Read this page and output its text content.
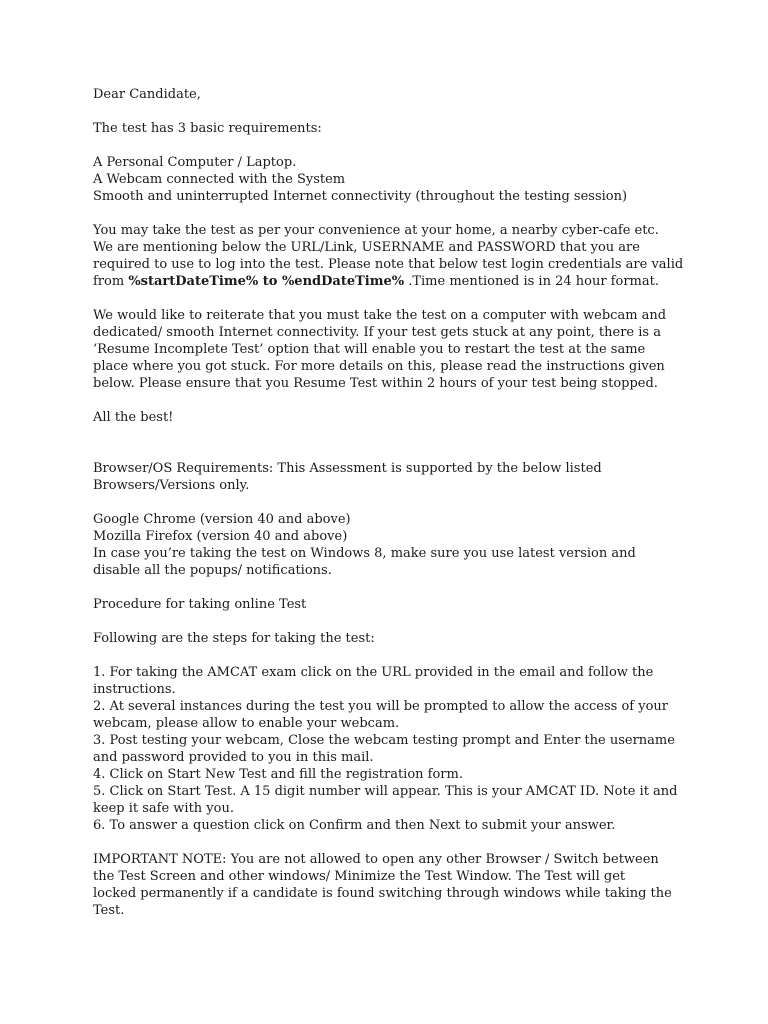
Dear Candidate,

The test has 3 basic requirements:

A Personal Computer / Laptop.
A Webcam connected with the System
Smooth and uninterrupted Internet connectivity (throughout the testing session)

You may take the test as per your convenience at your home, a nearby cyber-cafe etc.
We are mentioning below the URL/Link, USERNAME and PASSWORD that you are
required to use to log into the test. Please note that below test login credentials are valid
from %startDateTime% to %endDateTime% .Time mentioned is in 24 hour format.

We would like to reiterate that you must take the test on a computer with webcam and
dedicated/ smooth Internet connectivity. If your test gets stuck at any point, there is a
‘Resume Incomplete Test’ option that will enable you to restart the test at the same
place where you got stuck. For more details on this, please read the instructions given
below. Please ensure that you Resume Test within 2 hours of your test being stopped.

All the best!

Browser/OS Requirements: This Assessment is supported by the below listed
Browsers/Versions only.

Google Chrome (version 40 and above)
Mozilla Firefox (version 40 and above)
In case you’re taking the test on Windows 8, make sure you use latest version and
disable all the popups/ notifications.

Procedure for taking online Test

Following are the steps for taking the test:

1. For taking the AMCAT exam click on the URL provided in the email and follow the
instructions.
2. At several instances during the test you will be prompted to allow the access of your
webcam, please allow to enable your webcam.
3. Post testing your webcam, Close the webcam testing prompt and Enter the username
and password provided to you in this mail.
4. Click on Start New Test and fill the registration form.
5. Click on Start Test. A 15 digit number will appear. This is your AMCAT ID. Note it and
keep it safe with you.
6. To answer a question click on Confirm and then Next to submit your answer.

IMPORTANT NOTE: You are not allowed to open any other Browser / Switch between
the Test Screen and other windows/ Minimize the Test Window. The Test will get
locked permanently if a candidate is found switching through windows while taking the
Test.
